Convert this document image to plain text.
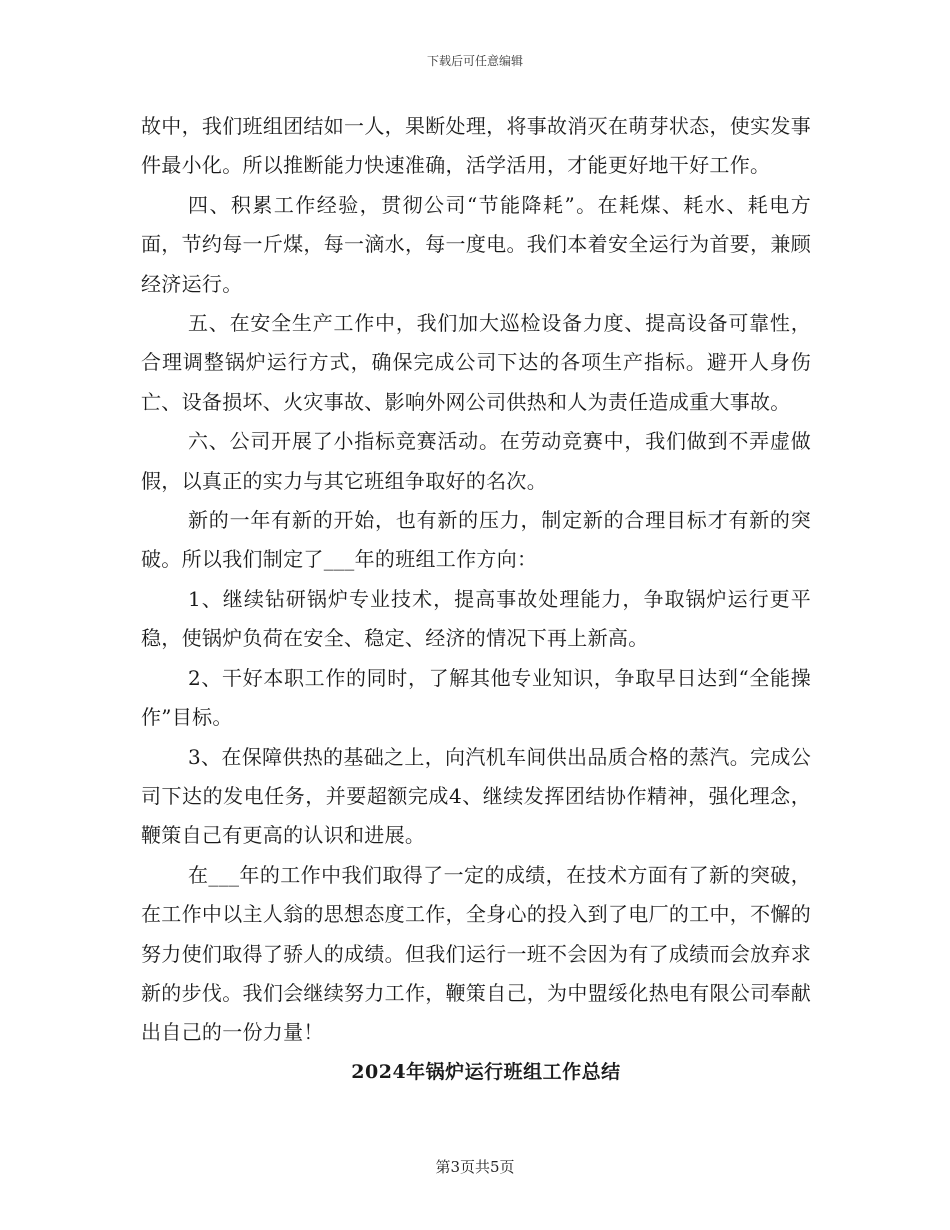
下载后可任意编辑

故中，我们班组团结如一人，果断处理，将事故消灭在萌芽状态，使实发事件最小化。所以推断能力快速准确，活学活用，才能更好地干好工作。

四、积累工作经验，贯彻公司“节能降耗”。在耗煤、耗水、耗电方面，节约每一斤煤，每一滴水，每一度电。我们本着安全运行为首要，兼顾经济运行。

五、在安全生产工作中，我们加大巡检设备力度、提高设备可靠性，合理调整锅炉运行方式，确保完成公司下达的各项生产指标。避开人身伤亡、设备损坏、火灾事故、影响外网公司供热和人为责任造成重大事故。

六、公司开展了小指标竞赛活动。在劳动竞赛中，我们做到不弄虚做假，以真正的实力与其它班组争取好的名次。

新的一年有新的开始，也有新的压力，制定新的合理目标才有新的突破。所以我们制定了___年的班组工作方向：

1、继续钻研锅炉专业技术，提高事故处理能力，争取锅炉运行更平稳，使锅炉负荷在安全、稳定、经济的情况下再上新高。

2、干好本职工作的同时，了解其他专业知识，争取早日达到“全能操作”目标。

3、在保障供热的基础之上，向汽机车间供出品质合格的蒸汽。完成公司下达的发电任务，并要超额完成4、继续发挥团结协作精神，强化理念，鞭策自己有更高的认识和进展。

在___年的工作中我们取得了一定的成绩，在技术方面有了新的突破，在工作中以主人翁的思想态度工作，全身心的投入到了电厂的工中，不懈的努力使们取得了骄人的成绩。但我们运行一班不会因为有了成绩而会放弃求新的步伐。我们会继续努力工作，鞭策自己，为中盟绥化热电有限公司奉献出自己的一份力量！

2024年锅炉运行班组工作总结
第3页共5页
